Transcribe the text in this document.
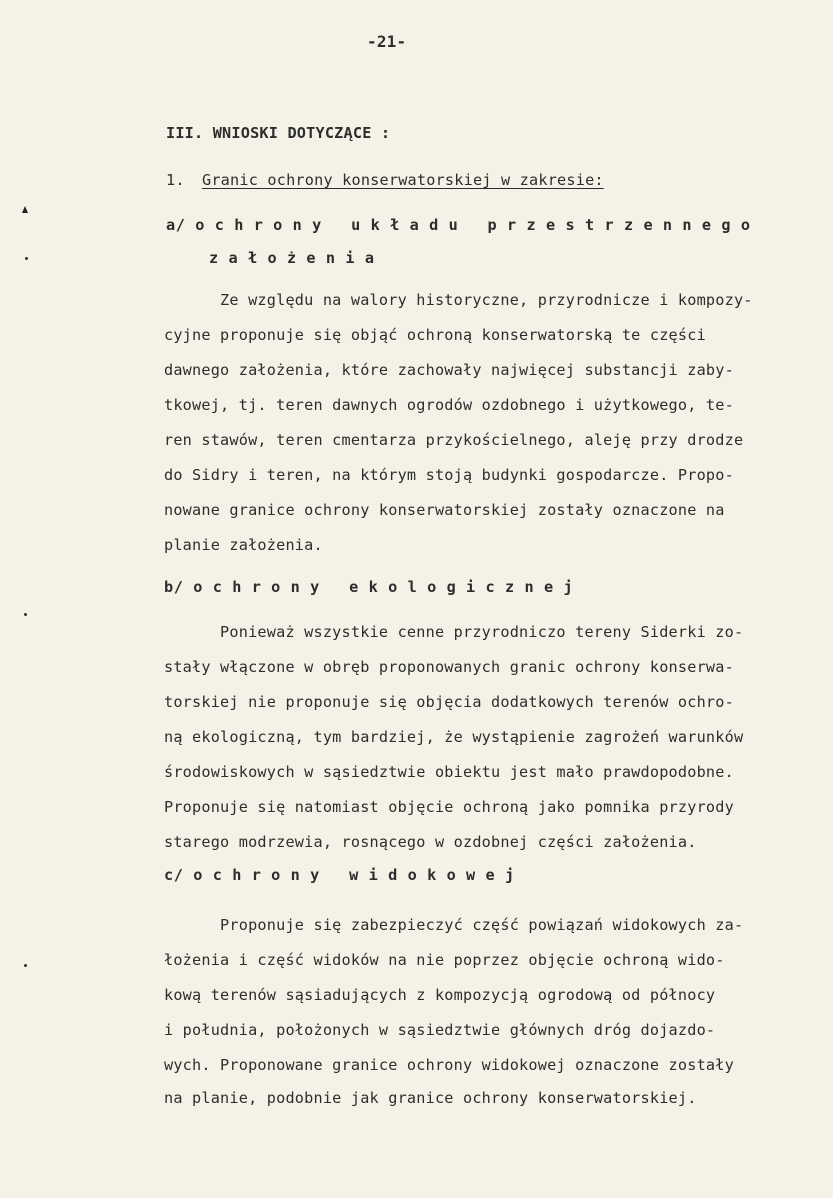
-21-
III. WNIOSKI DOTYCZĄCE :
1. Granic ochrony konserwatorskiej w zakresie:
a/ o c h r o n y   u k ł a d u   p r z e s t r z e n n e g o
z a ł o ż e n i a
Ze względu na walory historyczne, przyrodnicze i kompozy-
cyjne proponuje się objąć ochroną konserwatorską te części
dawnego założenia, które zachowały najwięcej substancji zaby-
tkowej, tj. teren dawnych ogrodów ozdobnego i użytkowego, te-
ren stawów, teren cmentarza przykościelnego, aleję przy drodze
do Sidry i teren, na którym stoją budynki gospodarcze. Propo-
nowane granice ochrony konserwatorskiej zostały oznaczone na
planie założenia.
b/ o c h r o n y   e k o l o g i c z n e j
Ponieważ wszystkie cenne przyrodniczo tereny Siderki zo-
stały włączone w obręb proponowanych granic ochrony konserwa-
torskiej nie proponuje się objęcia dodatkowych terenów ochro-
ną ekologiczną, tym bardziej, że wystąpienie zagrożeń warunków
środowiskowych w sąsiedztwie obiektu jest mało prawdopodobne.
Proponuje się natomiast objęcie ochroną jako pomnika przyrody
starego modrzewia, rosnącego w ozdobnej części założenia.
c/ o c h r o n y   w i d o k o w e j
Proponuje się zabezpieczyć część powiązań widokowych za-
łożenia i część widoków na nie poprzez objęcie ochroną wido-
kową terenów sąsiadujących z kompozycją ogrodową od północy
i południa, położonych w sąsiedztwie głównych dróg dojazdo-
wych. Proponowane granice ochrony widokowej oznaczone zostały
na planie, podobnie jak granice ochrony konserwatorskiej.
